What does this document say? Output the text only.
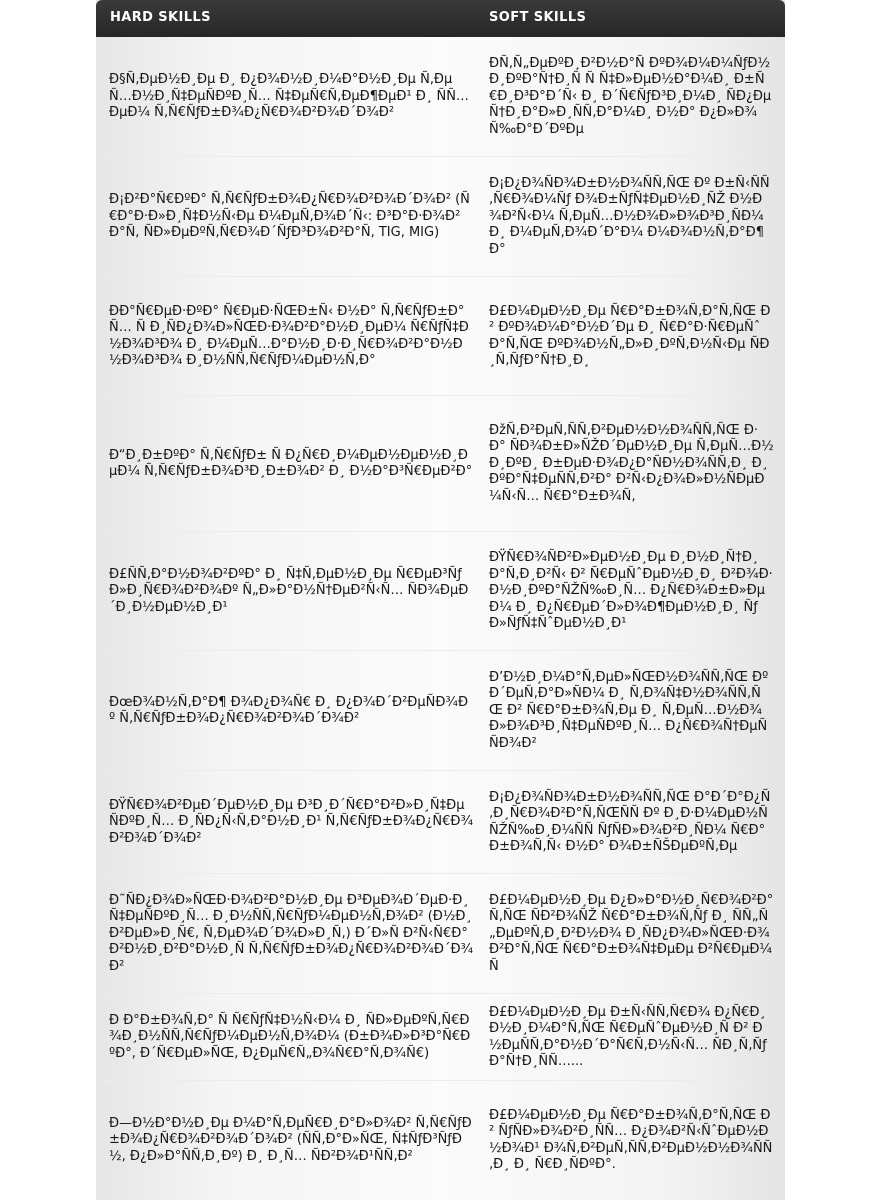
HARD SKILLS	SOFT SKILLS
Ð§Ñ‚ÐµÐ½Ð¸Ðµ Ð¸ Ð¿Ð¾Ð½Ð¸Ð¼Ð°Ð½Ð¸Ðµ Ñ‚ÐµÑ…Ð½Ð¸Ñ‡ÐµÑÐºÐ¸Ñ… Ñ‡ÐµÑ€Ñ‚ÐµÐ¶ÐµÐ¹ Ð¸ ÑÑ…ÐµÐ¼ Ñ‚Ñ€ÑƒÐ±Ð¾Ð¿Ñ€Ð¾Ð²Ð¾Ð´Ð¾Ð²
ÐÑ‚Ñ„ÐµÐºÐ¸Ð²Ð½Ð°Ñ ÐºÐ¾Ð¼Ð¼ÑƒÐ½Ð¸ÐºÐ°Ñ†Ð¸Ñ Ñ Ñ‡Ð»ÐµÐ½Ð°Ð¼Ð¸ Ð±Ñ€Ð¸Ð³Ð°Ð´Ñ‹ Ð¸ Ð´Ñ€ÑƒÐ³Ð¸Ð¼Ð¸ ÑÐ¿ÐµÑ†Ð¸Ð°Ð»Ð¸ÑÑ‚Ð°Ð¼Ð¸ Ð½Ð° Ð¿Ð»Ð¾Ñ‰Ð°Ð´ÐºÐµ
Ð¡Ð²Ð°Ñ€ÐºÐ° Ñ‚Ñ€ÑƒÐ±Ð¾Ð¿Ñ€Ð¾Ð²Ð¾Ð´Ð¾Ð² (Ñ€Ð°Ð·Ð»Ð¸Ñ‡Ð½Ñ‹Ðµ Ð¼ÐµÑ‚Ð¾Ð´Ñ‹: Ð³Ð°Ð·Ð¾Ð²Ð°Ñ, ÑÐ»ÐµÐºÑ‚Ñ€Ð¾Ð´ÑƒÐ³Ð¾Ð²Ð°Ñ, TIG, MIG)
Ð¡Ð¿Ð¾ÑÐ¾Ð±Ð½Ð¾ÑÑ‚ÑŒ Ðº Ð±Ñ‹ÑÑ‚Ñ€Ð¾Ð¼Ñƒ Ð¾Ð±ÑƒÑ‡ÐµÐ½Ð¸ÑŽ Ð½Ð¾Ð²Ñ‹Ð¼ Ñ‚ÐµÑ…Ð½Ð¾Ð»Ð¾Ð³Ð¸ÑÐ¼ Ð¸ Ð¼ÐµÑ‚Ð¾Ð´Ð°Ð¼ Ð¼Ð¾Ð½Ñ‚Ð°Ð¶Ð°
ÐÐ°Ñ€ÐµÐ·ÐºÐ° Ñ€ÐµÐ·ÑŒÐ±Ñ‹ Ð½Ð° Ñ‚Ñ€ÑƒÐ±Ð°Ñ… Ñ Ð¸ÑÐ¿Ð¾Ð»ÑŒÐ·Ð¾Ð²Ð°Ð½Ð¸ÐµÐ¼ Ñ€ÑƒÑ‡Ð½Ð¾Ð³Ð¾ Ð¸ Ð¼ÐµÑ…Ð°Ð½Ð¸Ð·Ð¸Ñ€Ð¾Ð²Ð°Ð½Ð½Ð¾Ð³Ð¾ Ð¸Ð½ÑÑ‚Ñ€ÑƒÐ¼ÐµÐ½Ñ‚Ð°
Ð£Ð¼ÐµÐ½Ð¸Ðµ Ñ€Ð°Ð±Ð¾Ñ‚Ð°Ñ‚ÑŒ Ð² ÐºÐ¾Ð¼Ð°Ð½Ð´Ðµ Ð¸ Ñ€Ð°Ð·Ñ€ÐµÑˆÐ°Ñ‚ÑŒ ÐºÐ¾Ð½Ñ„Ð»Ð¸ÐºÑ‚Ð½Ñ‹Ðµ ÑÐ¸Ñ‚ÑƒÐ°Ñ†Ð¸Ð¸
Ð“Ð¸Ð±ÐºÐ° Ñ‚Ñ€ÑƒÐ± Ñ Ð¿Ñ€Ð¸Ð¼ÐµÐ½ÐµÐ½Ð¸ÐµÐ¼ Ñ‚Ñ€ÑƒÐ±Ð¾Ð³Ð¸Ð±Ð¾Ð² Ð¸ Ð½Ð°Ð³Ñ€ÐµÐ²Ð°
ÐžÑ‚Ð²ÐµÑ‚ÑÑ‚Ð²ÐµÐ½Ð½Ð¾ÑÑ‚ÑŒ Ð·Ð° ÑÐ¾Ð±Ð»ÑŽÐ´ÐµÐ½Ð¸Ðµ Ñ‚ÐµÑ…Ð½Ð¸ÐºÐ¸ Ð±ÐµÐ·Ð¾Ð¿Ð°ÑÐ½Ð¾ÑÑ‚Ð¸ Ð¸ ÐºÐ°Ñ‡ÐµÑÑ‚Ð²Ð° Ð²Ñ‹Ð¿Ð¾Ð»Ð½ÑÐµÐ¼Ñ‹Ñ… Ñ€Ð°Ð±Ð¾Ñ‚
Ð£ÑÑ‚Ð°Ð½Ð¾Ð²ÐºÐ° Ð¸ Ñ‡Ñ‚ÐµÐ½Ð¸Ðµ Ñ€ÐµÐ³ÑƒÐ»Ð¸Ñ€Ð¾Ð²Ð¾Ðº Ñ„Ð»Ð°Ð½Ñ†ÐµÐ²Ñ‹Ñ… ÑÐ¾ÐµÐ´Ð¸Ð½ÐµÐ½Ð¸Ð¹
ÐŸÑ€Ð¾ÑÐ²Ð»ÐµÐ½Ð¸Ðµ Ð¸Ð½Ð¸Ñ†Ð¸Ð°Ñ‚Ð¸Ð²Ñ‹ Ð² Ñ€ÐµÑˆÐµÐ½Ð¸Ð¸ Ð²Ð¾Ð·Ð½Ð¸ÐºÐ°ÑŽÑ‰Ð¸Ñ… Ð¿Ñ€Ð¾Ð±Ð»ÐµÐ¼ Ð¸ Ð¿Ñ€ÐµÐ´Ð»Ð¾Ð¶ÐµÐ½Ð¸Ð¸ ÑƒÐ»ÑƒÑ‡ÑˆÐµÐ½Ð¸Ð¹
ÐœÐ¾Ð½Ñ‚Ð°Ð¶ Ð¾Ð¿Ð¾Ñ€ Ð¸ Ð¿Ð¾Ð´Ð²ÐµÑÐ¾Ðº Ñ‚Ñ€ÑƒÐ±Ð¾Ð¿Ñ€Ð¾Ð²Ð¾Ð´Ð¾Ð²
Ð’Ð½Ð¸Ð¼Ð°Ñ‚ÐµÐ»ÑŒÐ½Ð¾ÑÑ‚ÑŒ Ðº Ð´ÐµÑ‚Ð°Ð»ÑÐ¼ Ð¸ Ñ‚Ð¾Ñ‡Ð½Ð¾ÑÑ‚ÑŒ Ð² Ñ€Ð°Ð±Ð¾Ñ‚Ðµ Ð¸ Ñ‚ÐµÑ…Ð½Ð¾Ð»Ð¾Ð³Ð¸Ñ‡ÐµÑÐºÐ¸Ñ… Ð¿Ñ€Ð¾Ñ†ÐµÑÑÐ¾Ð²
ÐŸÑ€Ð¾Ð²ÐµÐ´ÐµÐ½Ð¸Ðµ Ð³Ð¸Ð´Ñ€Ð°Ð²Ð»Ð¸Ñ‡ÐµÑÐºÐ¸Ñ… Ð¸ÑÐ¿Ñ‹Ñ‚Ð°Ð½Ð¸Ð¹ Ñ‚Ñ€ÑƒÐ±Ð¾Ð¿Ñ€Ð¾Ð²Ð¾Ð´Ð¾Ð²
Ð¡Ð¿Ð¾ÑÐ¾Ð±Ð½Ð¾ÑÑ‚ÑŒ Ð°Ð´Ð°Ð¿Ñ‚Ð¸Ñ€Ð¾Ð²Ð°Ñ‚ÑŒÑÑ Ðº Ð¸Ð·Ð¼ÐµÐ½ÑÑŽÑ‰Ð¸Ð¼ÑÑ ÑƒÑÐ»Ð¾Ð²Ð¸ÑÐ¼ Ñ€Ð°Ð±Ð¾Ñ‚Ñ‹ Ð½Ð° Ð¾Ð±ÑŠÐµÐºÑ‚Ðµ
Ð˜ÑÐ¿Ð¾Ð»ÑŒÐ·Ð¾Ð²Ð°Ð½Ð¸Ðµ Ð³ÐµÐ¾Ð´ÐµÐ·Ð¸Ñ‡ÐµÑÐºÐ¸Ñ… Ð¸Ð½ÑÑ‚Ñ€ÑƒÐ¼ÐµÐ½Ñ‚Ð¾Ð² (Ð½Ð¸Ð²ÐµÐ»Ð¸Ñ€, Ñ‚ÐµÐ¾Ð´Ð¾Ð»Ð¸Ñ‚) Ð´Ð»Ñ Ð²Ñ‹Ñ€Ð°Ð²Ð½Ð¸Ð²Ð°Ð½Ð¸Ñ Ñ‚Ñ€ÑƒÐ±Ð¾Ð¿Ñ€Ð¾Ð²Ð¾Ð´Ð¾Ð²
Ð£Ð¼ÐµÐ½Ð¸Ðµ Ð¿Ð»Ð°Ð½Ð¸Ñ€Ð¾Ð²Ð°Ñ‚ÑŒ ÑÐ²Ð¾ÑŽ Ñ€Ð°Ð±Ð¾Ñ‚Ñƒ Ð¸ ÑÑ„Ñ„ÐµÐºÑ‚Ð¸Ð²Ð½Ð¾ Ð¸ÑÐ¿Ð¾Ð»ÑŒÐ·Ð¾Ð²Ð°Ñ‚ÑŒ Ñ€Ð°Ð±Ð¾Ñ‡ÐµÐµ Ð²Ñ€ÐµÐ¼Ñ
Ð Ð°Ð±Ð¾Ñ‚Ð° Ñ Ñ€ÑƒÑ‡Ð½Ñ‹Ð¼ Ð¸ ÑÐ»ÐµÐºÑ‚Ñ€Ð¾Ð¸Ð½ÑÑ‚Ñ€ÑƒÐ¼ÐµÐ½Ñ‚Ð¾Ð¼ (Ð±Ð¾Ð»Ð³Ð°Ñ€ÐºÐ°, Ð´Ñ€ÐµÐ»ÑŒ, Ð¿ÐµÑ€Ñ„Ð¾Ñ€Ð°Ñ‚Ð¾Ñ€)
Ð£Ð¼ÐµÐ½Ð¸Ðµ Ð±Ñ‹ÑÑ‚Ñ€Ð¾ Ð¿Ñ€Ð¸Ð½Ð¸Ð¼Ð°Ñ‚ÑŒ Ñ€ÐµÑˆÐµÐ½Ð¸Ñ Ð² Ð½ÐµÑÑ‚Ð°Ð½Ð´Ð°Ñ€Ñ‚Ð½Ñ‹Ñ… ÑÐ¸Ñ‚ÑƒÐ°Ñ†Ð¸ÑÑ…...
Ð—Ð½Ð°Ð½Ð¸Ðµ Ð¼Ð°Ñ‚ÐµÑ€Ð¸Ð°Ð»Ð¾Ð² Ñ‚Ñ€ÑƒÐ±Ð¾Ð¿Ñ€Ð¾Ð²Ð¾Ð´Ð¾Ð² (ÑÑ‚Ð°Ð»ÑŒ, Ñ‡ÑƒÐ³ÑƒÐ½, Ð¿Ð»Ð°ÑÑ‚Ð¸Ðº) Ð¸ Ð¸Ñ… ÑÐ²Ð¾Ð¹ÑÑ‚Ð²
Ð£Ð¼ÐµÐ½Ð¸Ðµ Ñ€Ð°Ð±Ð¾Ñ‚Ð°Ñ‚ÑŒ Ð² ÑƒÑÐ»Ð¾Ð²Ð¸ÑÑ… Ð¿Ð¾Ð²Ñ‹ÑˆÐµÐ½Ð½Ð¾Ð¹ Ð¾Ñ‚Ð²ÐµÑ‚ÑÑ‚Ð²ÐµÐ½Ð½Ð¾ÑÑ‚Ð¸ Ð¸ Ñ€Ð¸ÑÐºÐ°.
